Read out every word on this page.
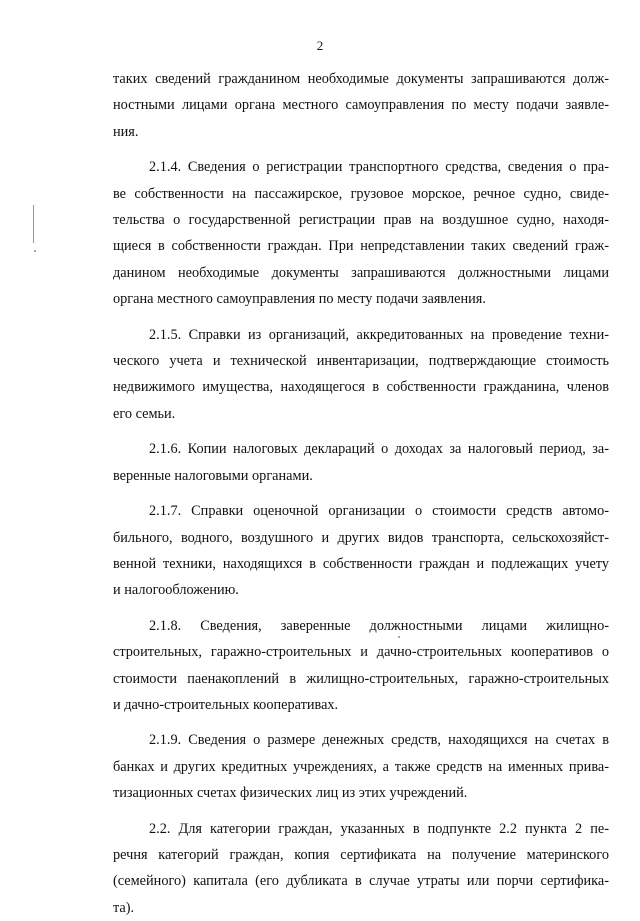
2
таких сведений гражданином необходимые документы запрашиваются долж-
ностными лицами органа местного самоуправления по месту подачи заявле-
ния.
2.1.4. Сведения о регистрации транспортного средства, сведения о пра-
ве собственности на пассажирское, грузовое морское, речное судно, свиде-
тельства о государственной регистрации прав на воздушное судно, находя-
щиеся в собственности граждан. При непредставлении таких сведений граж-
данином необходимые документы запрашиваются должностными лицами
органа местного самоуправления по месту подачи заявления.
2.1.5. Справки из организаций, аккредитованных на проведение техни-
ческого учета и технической инвентаризации, подтверждающие стоимость
недвижимого имущества, находящегося в собственности гражданина, членов
его семьи.
2.1.6. Копии налоговых деклараций о доходах за налоговый период, за-
веренные налоговыми органами.
2.1.7. Справки оценочной организации о стоимости средств автомо-
бильного, водного, воздушного и других видов транспорта, сельскохозяйст-
венной техники, находящихся в собственности граждан и подлежащих учету
и налогообложению.
2.1.8. Сведения, заверенные должностными лицами жилищно-
строительных, гаражно-строительных и дачно-строительных кооперативов о
стоимости паенакоплений в жилищно-строительных, гаражно-строительных
и дачно-строительных кооперативах.
2.1.9. Сведения о размере денежных средств, находящихся на счетах в
банках и других кредитных учреждениях, а также средств на именных прива-
тизационных счетах физических лиц из этих учреждений.
2.2. Для категории граждан, указанных в подпункте 2.2 пункта 2 пе-
речня категорий граждан, копия сертификата на получение материнского
(семейного) капитала (его дубликата в случае утраты или порчи сертифика-
та).
